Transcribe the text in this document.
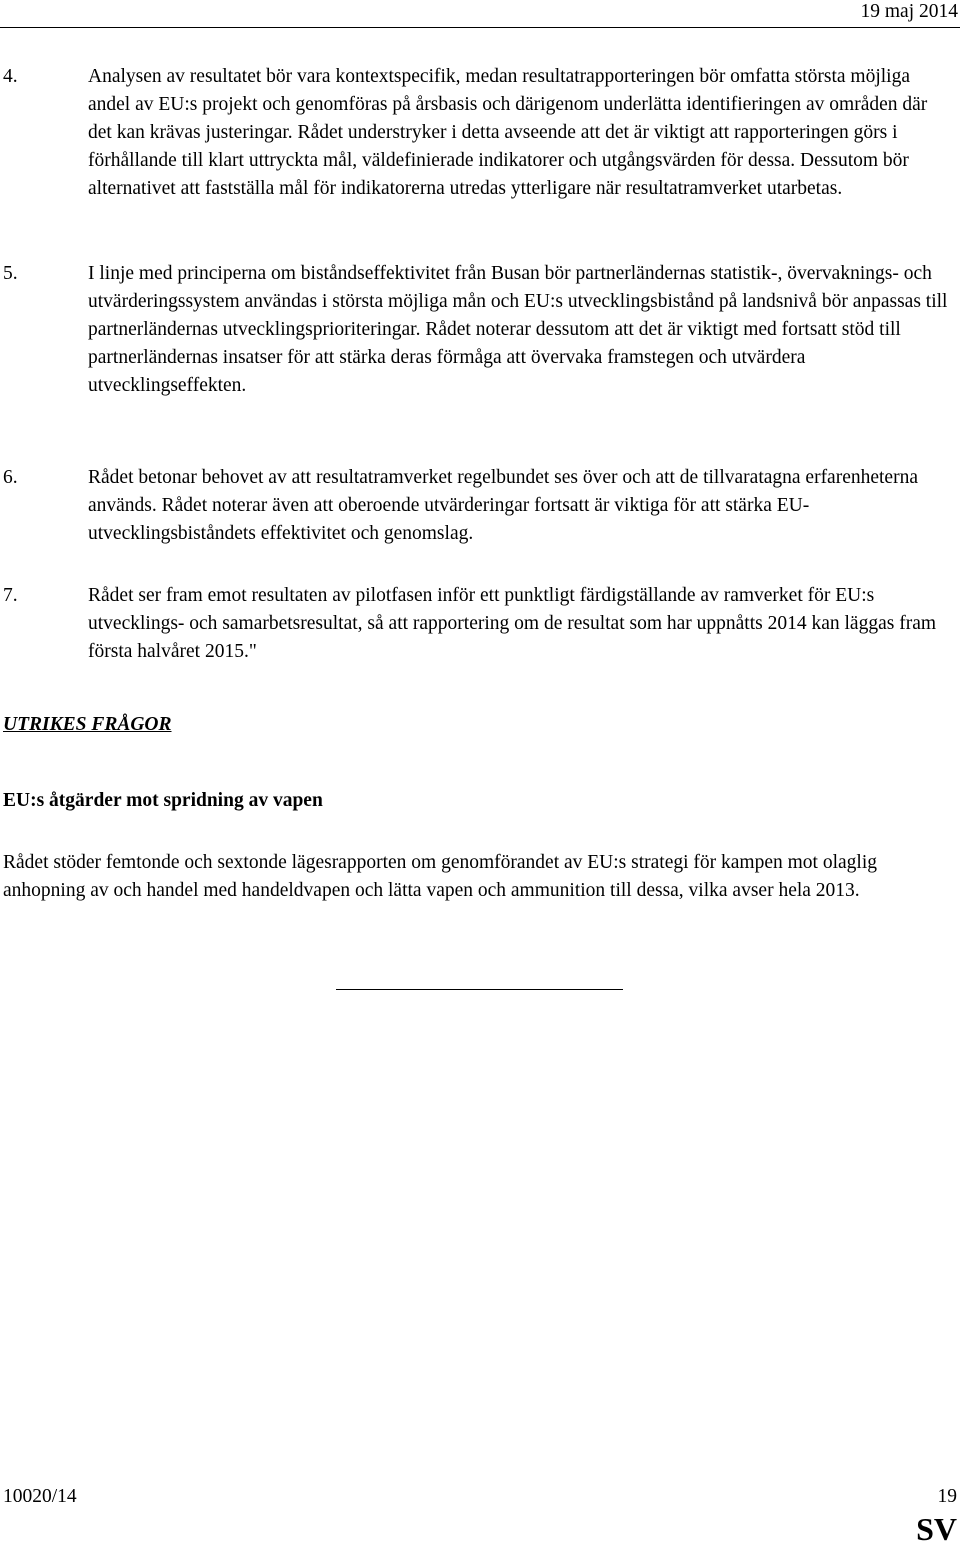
19 maj 2014
4.	Analysen av resultatet bör vara kontextspecifik, medan resultatrapporteringen bör omfatta största möjliga andel av EU:s projekt och genomföras på årsbasis och därigenom underlätta identifieringen av områden där det kan krävas justeringar. Rådet understryker i detta avseende att det är viktigt att rapporteringen görs i förhållande till klart uttryckta mål, väldefinierade indikatorer och utgångsvärden för dessa. Dessutom bör alternativet att fastställa mål för indikatorerna utredas ytterligare när resultatramverket utarbetas.
5.	I linje med principerna om biståndseffektivitet från Busan bör partnerländernas statistik-, övervaknings- och utvärderingssystem användas i största möjliga mån och EU:s utvecklingsbistånd på landsnivå bör anpassas till partnerländernas utvecklingsprioriteringar. Rådet noterar dessutom att det är viktigt med fortsatt stöd till partnerländernas insatser för att stärka deras förmåga att övervaka framstegen och utvärdera utvecklingseffekten.
6.	Rådet betonar behovet av att resultatramverket regelbundet ses över och att de tillvaratagna erfarenheterna används. Rådet noterar även att oberoende utvärderingar fortsatt är viktiga för att stärka EU-utvecklingsbiståndets effektivitet och genomslag.
7.	Rådet ser fram emot resultaten av pilotfasen inför ett punktligt färdigställande av ramverket för EU:s utvecklings- och samarbetsresultat, så att rapportering om de resultat som har uppnåtts 2014 kan läggas fram första halvåret 2015."
UTRIKES FRÅGOR
EU:s åtgärder mot spridning av vapen
Rådet stöder femtonde och sextonde lägesrapporten om genomförandet av EU:s strategi för kampen mot olaglig anhopning av och handel med handeldvapen och lätta vapen och ammunition till dessa, vilka avser hela 2013.
10020/14	19
SV
